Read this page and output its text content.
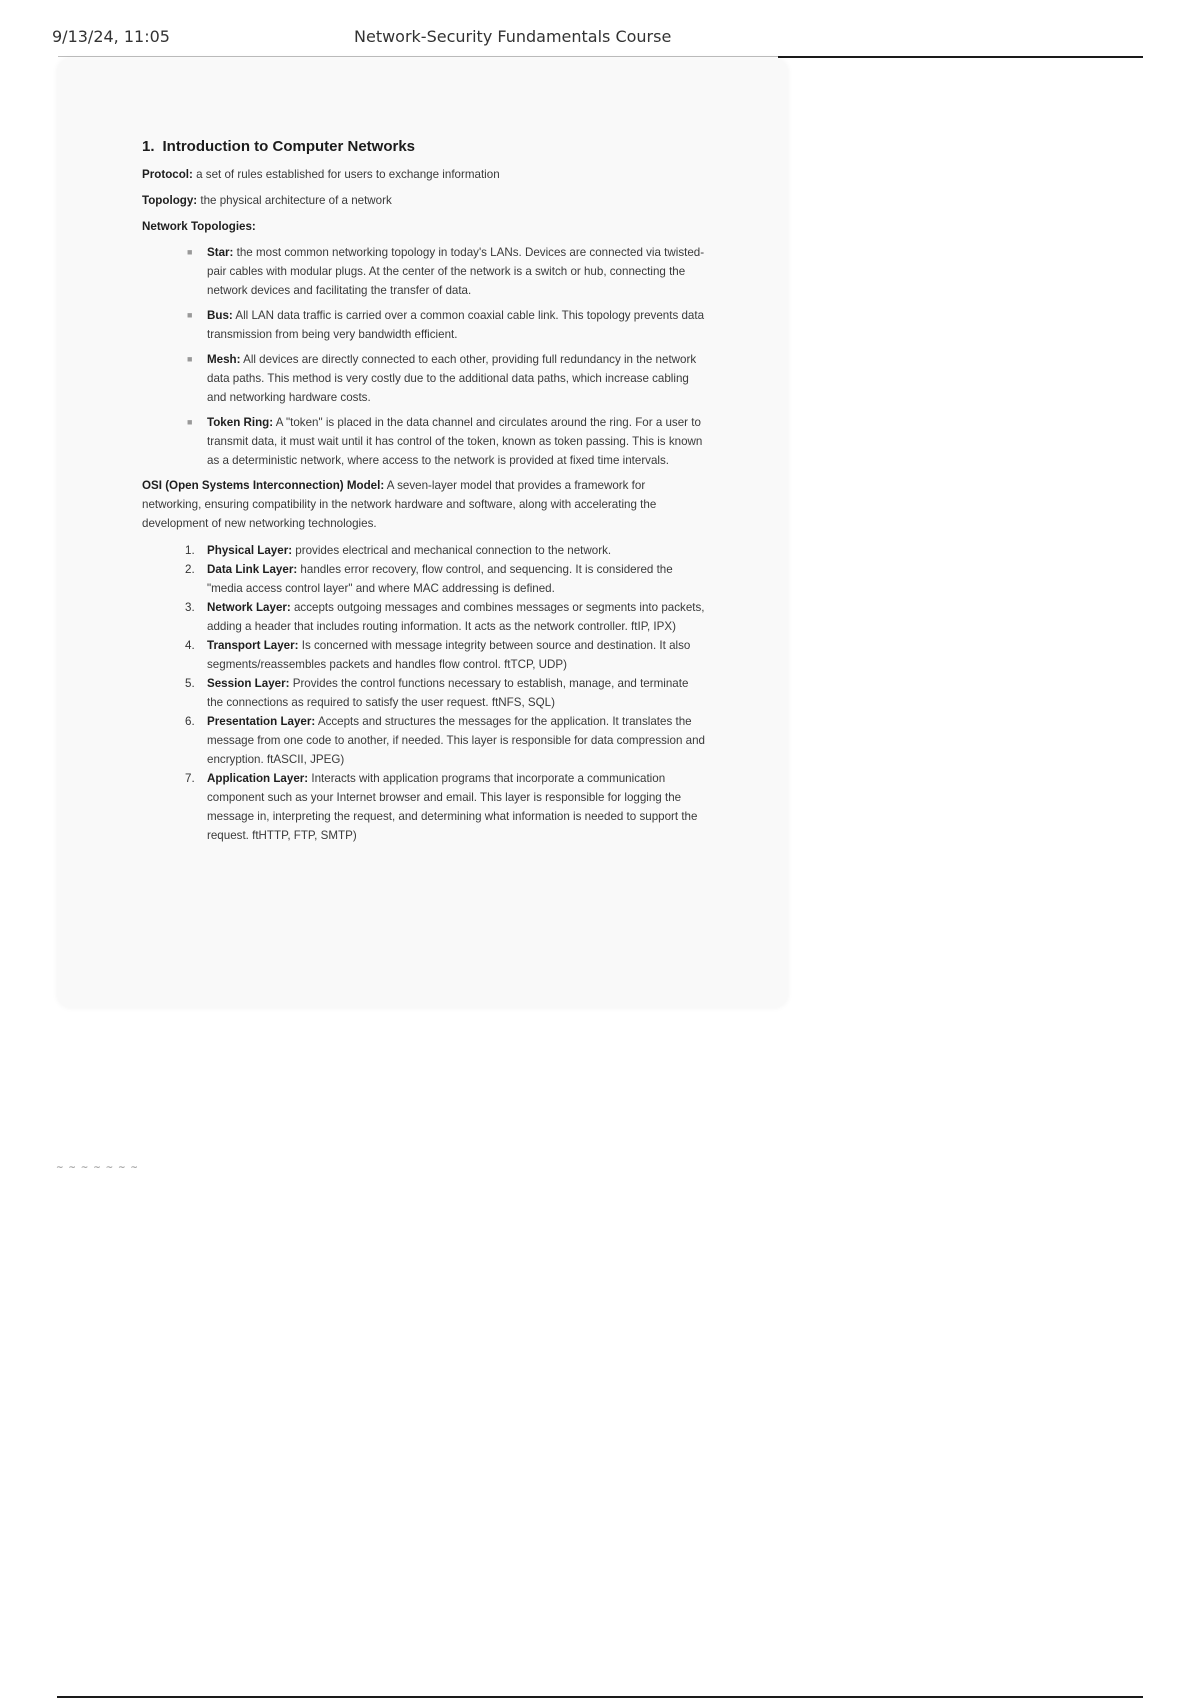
9/13/24, 11:05	Network-Security Fundamentals Course
1. Introduction to Computer Networks
Protocol: a set of rules established for users to exchange information
Topology: the physical architecture of a network
Network Topologies:
■ Star: the most common networking topology in today's LANs. Devices are connected via twisted-pair cables with modular plugs. At the center of the network is a switch or hub, connecting the network devices and facilitating the transfer of data.
■ Bus: All LAN data traffic is carried over a common coaxial cable link. This topology prevents data transmission from being very bandwidth efficient.
■ Mesh: All devices are directly connected to each other, providing full redundancy in the network data paths. This method is very costly due to the additional data paths, which increase cabling and networking hardware costs.
■ Token Ring: A "token" is placed in the data channel and circulates around the ring. For a user to transmit data, it must wait until it has control of the token, known as token passing. This is known as a deterministic network, where access to the network is provided at fixed time intervals.
OSI (Open Systems Interconnection) Model: A seven-layer model that provides a framework for networking, ensuring compatibility in the network hardware and software, along with accelerating the development of new networking technologies.
1. Physical Layer: provides electrical and mechanical connection to the network.
2. Data Link Layer: handles error recovery, flow control, and sequencing. It is considered the "media access control layer" and where MAC addressing is defined.
3. Network Layer: accepts outgoing messages and combines messages or segments into packets, adding a header that includes routing information. It acts as the network controller. ftIP, IPX)
4. Transport Layer: Is concerned with message integrity between source and destination. It also segments/reassembles packets and handles flow control. ftTCP, UDP)
5. Session Layer: Provides the control functions necessary to establish, manage, and terminate the connections as required to satisfy the user request. ftNFS, SQL)
6. Presentation Layer: Accepts and structures the messages for the application. It translates the message from one code to another, if needed. This layer is responsible for data compression and encryption. ftASCII, JPEG)
7. Application Layer: Interacts with application programs that incorporate a communication component such as your Internet browser and email. This layer is responsible for logging the message in, interpreting the request, and determining what information is needed to support the request. ftHTTP, FTP, SMTP)
~ ~ ~ ~ ~ ~ ~
